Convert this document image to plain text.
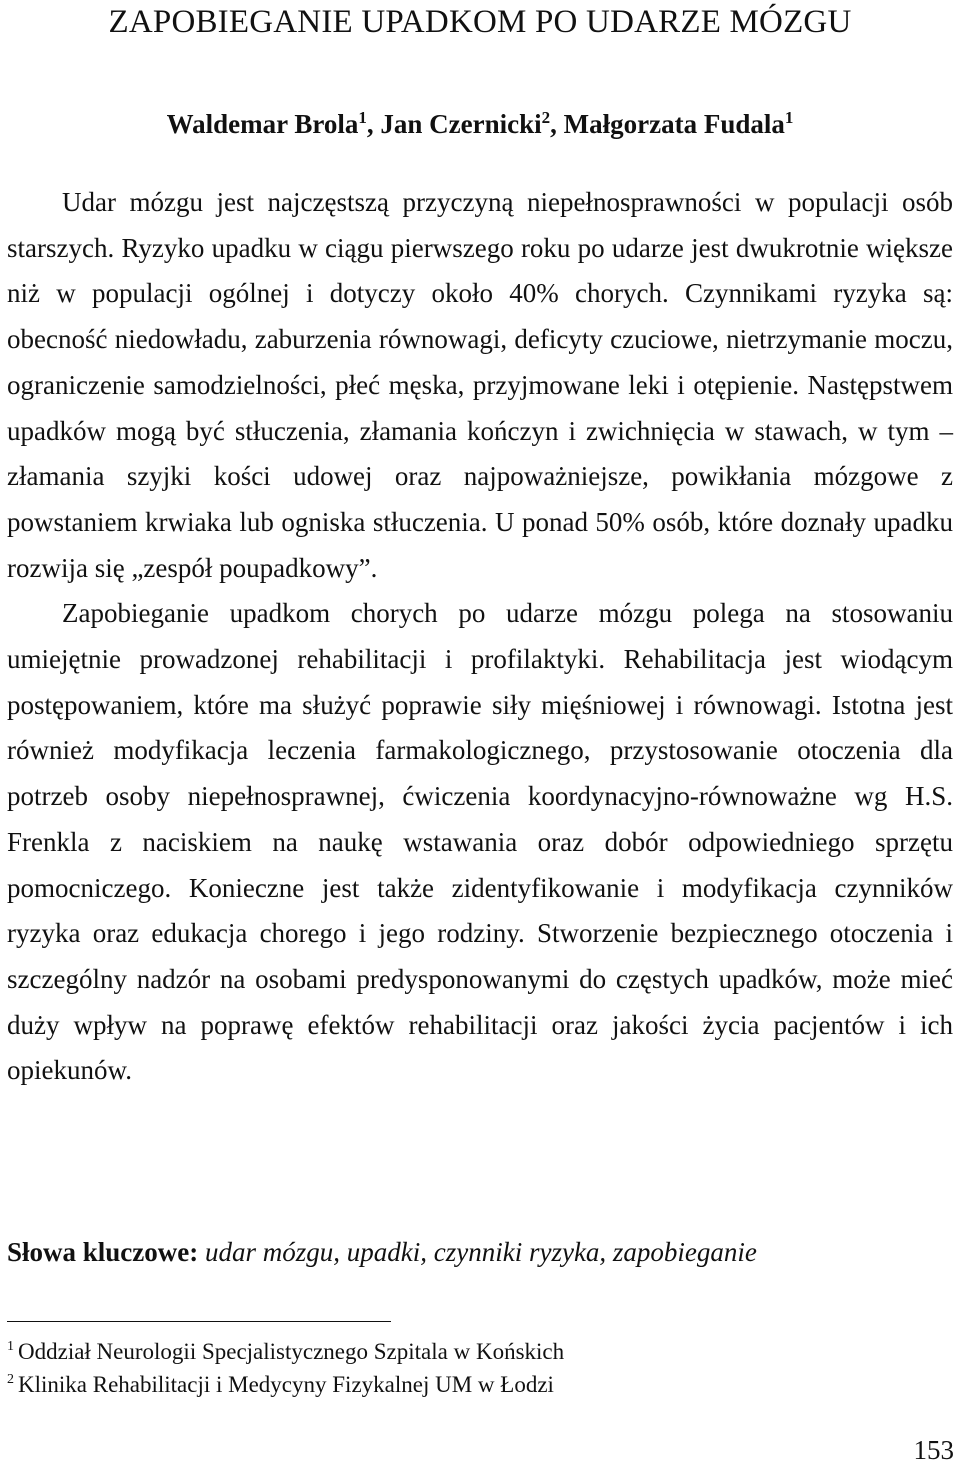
ZAPOBIEGANIE UPADKOM PO UDARZE MÓZGU
Waldemar Brola$^1$, Jan Czernicki$^2$, Małgorzata Fudala$^1$

Udar mózgu jest najczęstszą przyczyną niepełnosprawności w populacji osób starszych. Ryzyko upadku w ciągu pierwszego roku po udarze jest dwukrotnie większe niż w populacji ogólnej i dotyczy około 40% chorych. Czynnikami ryzyka są: obecność niedowładu, zaburzenia równowagi, deficyty czuciowe, nietrzymanie moczu, ograniczenie samodzielności, płeć męska, przyjmowane leki i otępienie. Następstwem upadków mogą być stłuczenia, złamania kończyn i zwichnięcia w stawach, w tym – złamania szyjki kości udowej oraz najpoważniejsze, powikłania mózgowe z powstaniem krwiaka lub ogniska stłuczenia. U ponad 50% osób, które doznały upadku rozwija się „zespół poupadkowy”.

Zapobieganie upadkom chorych po udarze mózgu polega na stosowaniu umiejętnie prowadzonej rehabilitacji i profilaktyki. Rehabilitacja jest wiodącym postępowaniem, które ma służyć poprawie siły mięśniowej i równowagi. Istotna jest również modyfikacja leczenia farmakologicznego, przystosowanie otoczenia dla potrzeb osoby niepełnosprawnej, ćwiczenia koordynacyjno-równoważne wg H.S. Frenkla z naciskiem na naukę wstawania oraz dobór odpowiedniego sprzętu pomocniczego. Konieczne jest także zidentyfikowanie i modyfikacja czynników ryzyka oraz edukacja chorego i jego rodziny. Stworzenie bezpiecznego otoczenia i szczególny nadzór na osobami predysponowanymi do częstych upadków, może mieć duży wpływ na poprawę efektów rehabilitacji oraz jakości życia pacjentów i ich opiekunów.

Słowa kluczowe: udar mózgu, upadki, czynniki ryzyka, zapobieganie
$^1$ Oddział Neurologii Specjalistycznego Szpitala w Końskich
$^2$ Klinika Rehabilitacji i Medycyny Fizykalnej UM w Łodzi
153
